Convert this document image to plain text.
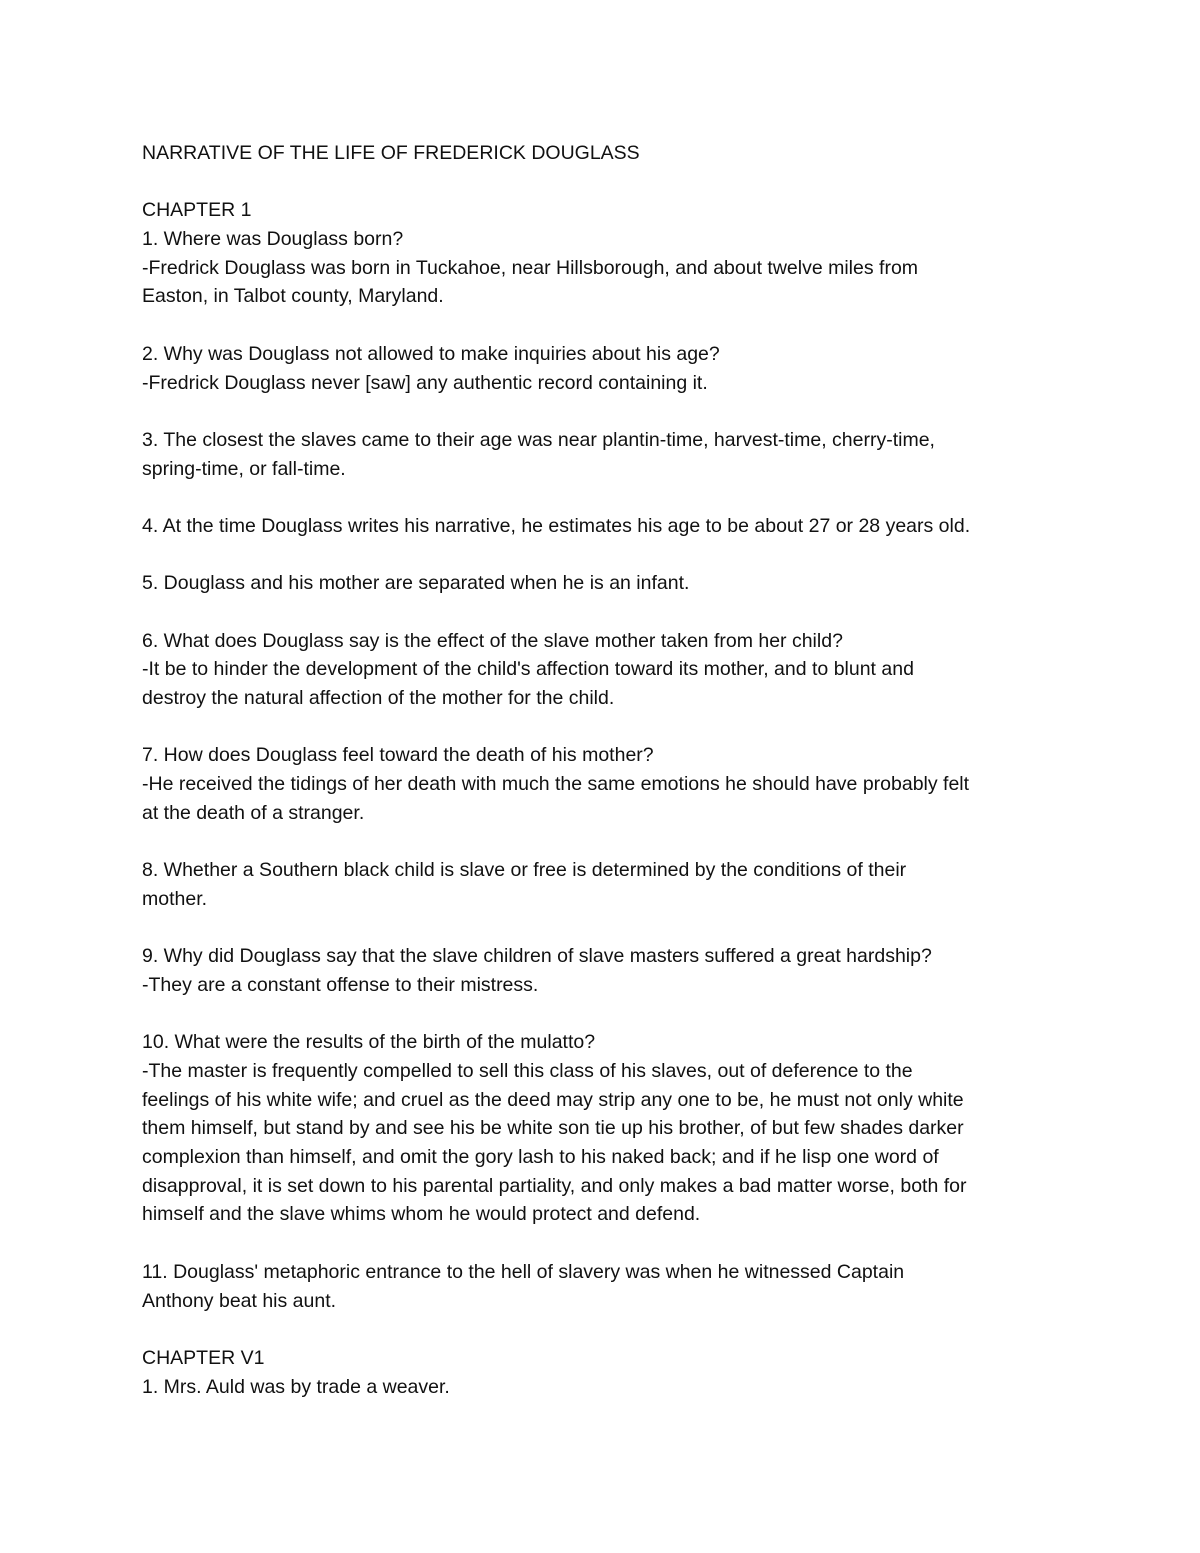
NARRATIVE OF THE LIFE OF FREDERICK DOUGLASS
CHAPTER 1
1. Where was Douglass born?
-Fredrick Douglass was born in Tuckahoe, near Hillsborough, and about twelve miles from
Easton, in Talbot county, Maryland.
2. Why was Douglass not allowed to make inquiries about his age?
-Fredrick Douglass never [saw] any authentic record containing it.
3. The closest the slaves came to their age was near plantin-time, harvest-time, cherry-time,
spring-time, or fall-time.
4. At the time Douglass writes his narrative, he estimates his age to be about 27 or 28 years old.
5. Douglass and his mother are separated when he is an infant.
6. What does Douglass say is the effect of the slave mother taken from her child?
-It be to hinder the development of the child's affection toward its mother, and to blunt and
destroy the natural affection of the mother for the child.
7. How does Douglass feel toward the death of his mother?
-He received the tidings of her death with much the same emotions he should have probably felt
at the death of a stranger.
8. Whether a Southern black child is slave or free is determined by the conditions of their
mother.
9. Why did Douglass say that the slave children of slave masters suffered a great hardship?
-They are a constant offense to their mistress.
10. What were the results of the birth of the mulatto?
-The master is frequently compelled to sell this class of his slaves, out of deference to the
feelings of his white wife; and cruel as the deed may strip any one to be, he must not only white
them himself, but stand by and see his be white son tie up his brother, of but few shades darker
complexion than himself, and omit the gory lash to his naked back; and if he lisp one word of
disapproval, it is set down to his parental partiality, and only makes a bad matter worse, both for
himself and the slave whims whom he would protect and defend.
11. Douglass' metaphoric entrance to the hell of slavery was when he witnessed Captain
Anthony beat his aunt.
CHAPTER V1
1. Mrs. Auld was by trade a weaver.
